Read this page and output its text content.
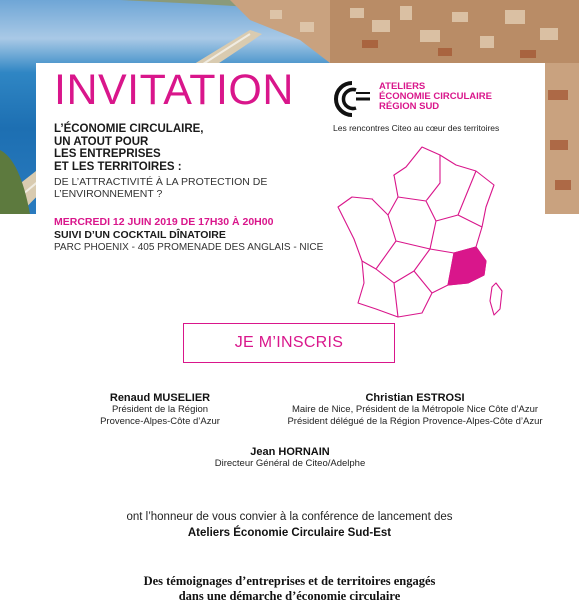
INVITATION
L’ÉCONOMIE CIRCULAIRE,
UN ATOUT POUR
LES ENTREPRISES
ET LES TERRITOIRES :
DE L’ATTRACTIVITÉ À LA PROTECTION DE L’ENVIRONNEMENT ?
MERCREDI 12 JUIN 2019 DE 17H30 À 20H00
SUIVI D’UN COCKTAIL DÎNATOIRE
PARC PHOENIX - 405 PROMENADE DES ANGLAIS - NICE
ATELIERS
ÉCONOMIE CIRCULAIRE
RÉGION SUD
Les rencontres Citeo au cœur des territoires
JE M’INSCRIS
Renaud MUSELIER
Président de la Région
Provence-Alpes-Côte d’Azur
Christian ESTROSI
Maire de Nice, Président de la Métropole Nice Côte d’Azur
Président délégué de la Région Provence-Alpes-Côte d’Azur
Jean HORNAIN
Directeur Général de Citeo/Adelphe
ont l’honneur de vous convier à la conférence de lancement des
Ateliers Économie Circulaire Sud-Est
Des témoignages d’entreprises et de territoires engagés
dans une démarche d’économie circulaire
